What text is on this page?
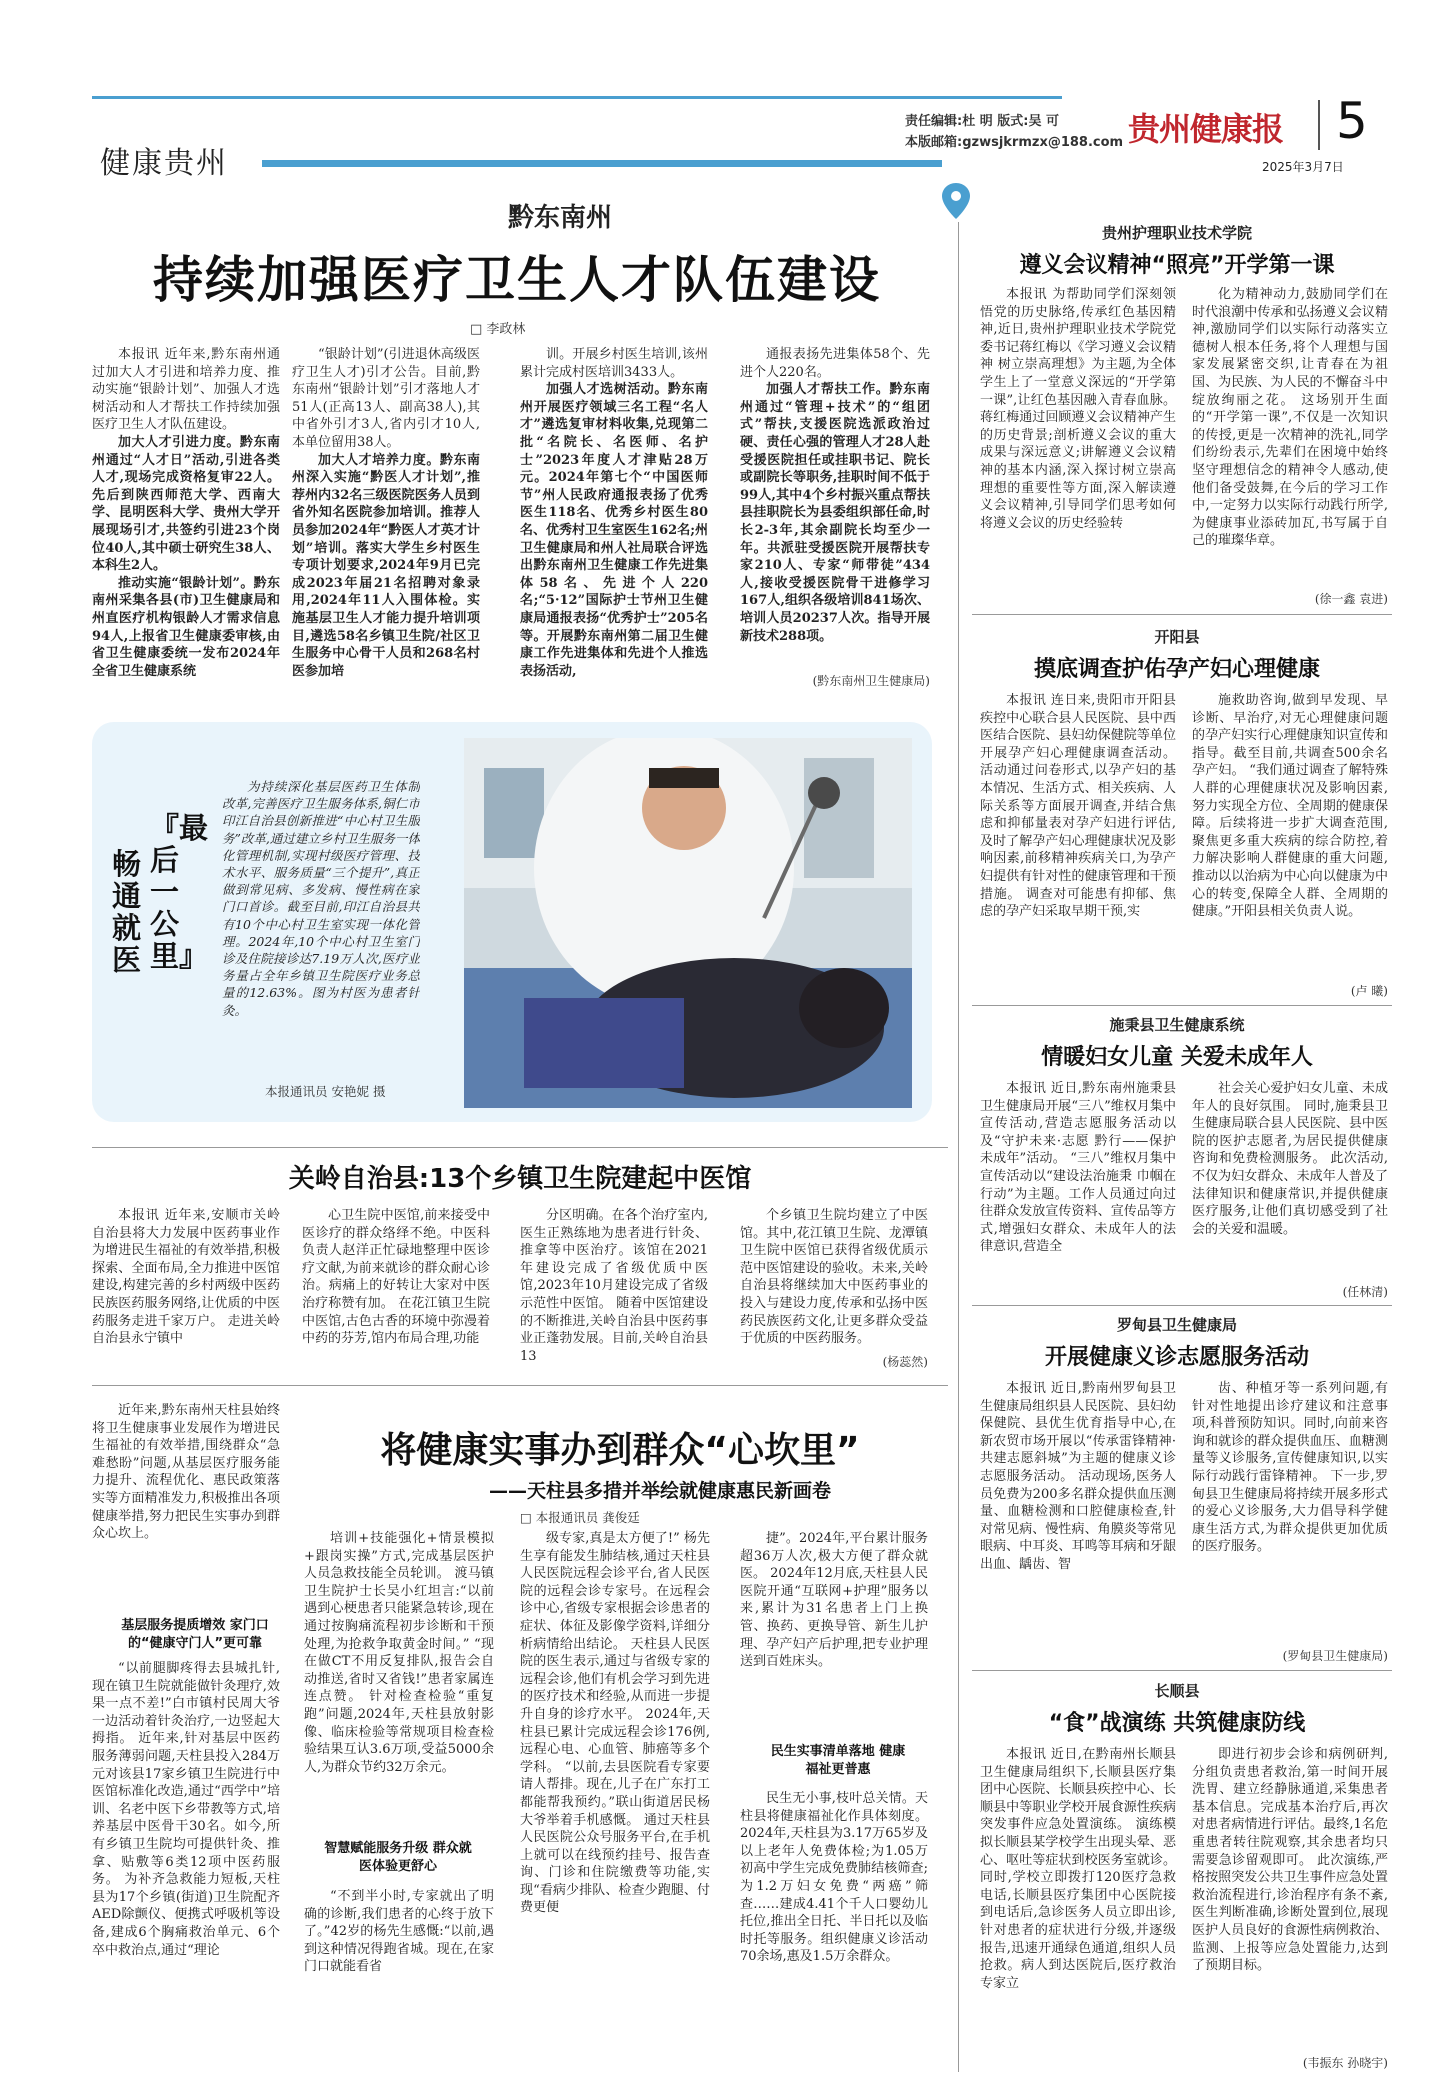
责任编辑:杜 明 版式:吴 可
本版邮箱:gzwsjkrmzx@188.com 贵州健康报 5
2025年3月7日
健康贵州
黔东南州
持续加强医疗卫生人才队伍建设
□ 李政林

本报讯 近年来,黔东南州通过加大人才引进和培养力度、推动实施“银龄计划”、加强人才选树活动和人才帮扶工作持续加强医疗卫生人才队伍建设。

加大人才引进力度。黔东南州通过“人才日”活动,引进各类人才,现场完成资格复审22人。先后到陕西师范大学、西南大学、昆明医科大学、贵州大学开展现场引才,共签约引进23个岗位40人,其中硕士研究生38人、本科生2人。

推动实施“银龄计划”。黔东南州采集各县(市)卫生健康局和州直医疗机构银龄人才需求信息94人,上报省卫生健康委审核,由省卫生健康委统一发布2024年全省卫生健康系统

“银龄计划”(引进退休高级医疗卫生人才)引才公告。目前,黔东南州“银龄计划”引才落地人才51人(正高13人、副高38人),其中省外引才3人,省内引才10人,本单位留用38人。

加大人才培养力度。黔东南州深入实施“黔医人才计划”,推荐州内32名三级医院医务人员到省外知名医院参加培训。推荐人员参加2024年“黔医人才英才计划”培训。落实大学生乡村医生专项计划要求,2024年9月已完成2023年届21名招聘对象录用,2024年11人入围体检。实施基层卫生人才能力提升培训项目,遴选58名乡镇卫生院/社区卫生服务中心骨干人员和268名村医参加培

训。开展乡村医生培训,该州累计完成村医培训3433人。

加强人才选树活动。黔东南州开展医疗领域三名工程“名人才”遴选复审材料收集,兑现第二批“名院长、名医师、名护士”2023年度人才津贴28万元。2024年第七个“中国医师节”州人民政府通报表扬了优秀医生118名、优秀乡村医生80名、优秀村卫生室医生162名;州卫生健康局和州人社局联合评选出黔东南州卫生健康工作先进集体58名、先进个人220名;“5·12”国际护士节州卫生健康局通报表扬“优秀护士”205名等。开展黔东南州第二届卫生健康工作先进集体和先进个人推选表扬活动,

通报表扬先进集体58个、先进个人220名。

加强人才帮扶工作。黔东南州通过“管理+技术”的“组团式”帮扶,支援医院选派政治过硬、责任心强的管理人才28人赴受援医院担任或挂职书记、院长或副院长等职务,挂职时间不低于99人,其中4个乡村振兴重点帮扶县挂职院长为县委组织部任命,时长2-3年,其余副院长均至少一年。共派驻受援医院开展帮扶专家210人、专家“师带徒”434人,接收受援医院骨干进修学习167人,组织各级培训841场次、培训人员20237人次。指导开展新技术288项。

(黔东南州卫生健康局)
『最后一公里』
畅通就医

为持续深化基层医药卫生体制改革,完善医疗卫生服务体系,铜仁市印江自治县创新推进“中心村卫生服务”改革,通过建立乡村卫生服务一体化管理机制,实现村级医疗管理、技术水平、服务质量“三个提升”,真正做到常见病、多发病、慢性病在家门口首诊。截至目前,印江自治县共有10个中心村卫生室实现一体化管理。2024年,10个中心村卫生室门诊及住院接诊达7.19万人次,医疗业务量占全年乡镇卫生院医疗业务总量的12.63%。图为村医为患者针灸。

本报通讯员 安艳妮 摄
关岭自治县:13个乡镇卫生院建起中医馆

本报讯 近年来,安顺市关岭自治县将大力发展中医药事业作为增进民生福祉的有效举措,积极探索、全面布局,全力推进中医馆建设,构建完善的乡村两级中医药民族医药服务网络,让优质的中医药服务走进千家万户。 走进关岭自治县永宁镇中

心卫生院中医馆,前来接受中医诊疗的群众络绎不绝。中医科负责人赵洋正忙碌地整理中医诊疗文献,为前来就诊的群众耐心诊治。病痛上的好转让大家对中医治疗称赞有加。 在花江镇卫生院中医馆,古色古香的环境中弥漫着中药的芬芳,馆内布局合理,功能

分区明确。在各个治疗室内,医生正熟练地为患者进行针灸、推拿等中医治疗。该馆在2021年建设完成了省级优质中医馆,2023年10月建设完成了省级示范性中医馆。 随着中医馆建设的不断推进,关岭自治县中医药事业正蓬勃发展。目前,关岭自治县13

个乡镇卫生院均建立了中医馆。其中,花江镇卫生院、龙潭镇卫生院中医馆已获得省级优质示范中医馆建设的验收。未来,关岭自治县将继续加大中医药事业的投入与建设力度,传承和弘扬中医药民族医药文化,让更多群众受益于优质的中医药服务。

(杨蕊然)

近年来,黔东南州天柱县始终将卫生健康事业发展作为增进民生福祉的有效举措,围绕群众“急难愁盼”问题,从基层医疗服务能力提升、流程优化、惠民政策落实等方面精准发力,积极推出各项健康举措,努力把民生实事办到群众心坎上。

将健康实事办到群众“心坎里”
——天柱县多措并举绘就健康惠民新画卷
□ 本报通讯员 龚俊廷
基层服务提质增效 家门口的“健康守门人”更可靠

“以前腿脚疼得去县城扎针,现在镇卫生院就能做针灸理疗,效果一点不差!”白市镇村民周大爷一边活动着针灸治疗,一边竖起大拇指。 近年来,针对基层中医药服务薄弱问题,天柱县投入284万元对该县17家乡镇卫生院进行中医馆标准化改造,通过“西学中”培训、名老中医下乡带教等方式,培养基层中医骨干30名。如今,所有乡镇卫生院均可提供针灸、推拿、贴敷等6类12项中医药服务。 为补齐急救能力短板,天柱县为17个乡镇(街道)卫生院配齐AED除颤仪、便携式呼吸机等设备,建成6个胸痛救治单元、6个卒中救治点,通过“理论

培训+技能强化+情景模拟+跟岗实操”方式,完成基层医护人员急救技能全员轮训。 渡马镇卫生院护士长吴小红坦言:“以前遇到心梗患者只能紧急转诊,现在通过按胸痛流程初步诊断和干预处理,为抢救争取黄金时间。” “现在做CT不用反复排队,报告会自动推送,省时又省钱!”患者家属连连点赞。 针对检查检验“重复跑”问题,2024年,天柱县放射影像、临床检验等常规项目检查检验结果互认3.6万项,受益5000余人,为群众节约32万余元。

智慧赋能服务升级 群众就医体验更舒心

“不到半小时,专家就出了明确的诊断,我们患者的心终于放下了。”42岁的杨先生感慨:“以前,遇到这种情况得跑省城。现在,在家门口就能看省

级专家,真是太方便了!” 杨先生享有能发生肺结核,通过天柱县人民医院远程会诊平台,省人民医院的远程会诊专家号。在远程会诊中心,省级专家根据会诊患者的症状、体征及影像学资料,详细分析病情给出结论。 天柱县人民医院的医生表示,通过与省级专家的远程会诊,他们有机会学习到先进的医疗技术和经验,从而进一步提升自身的诊疗水平。 2024年,天柱县已累计完成远程会诊176例,远程心电、心血管、肺癌等多个学科。 “以前,去县医院看专家要请人帮排。现在,儿子在广东打工都能帮我预约。”联山街道居民杨大爷举着手机感慨。 通过天柱县人民医院公众号服务平台,在手机上就可以在线预约挂号、报告查询、门诊和住院缴费等功能,实现“看病少排队、检查少跑腿、付费更便

捷”。2024年,平台累计服务超36万人次,极大方便了群众就医。 2024年12月底,天柱县人民医院开通“互联网+护理”服务以来,累计为31名患者上门上换管、换药、更换导管、新生儿护理、孕产妇产后护理,把专业护理送到百姓床头。

民生实事清单落地 健康福祉更普惠

民生无小事,枝叶总关情。天柱县将健康福祉化作具体刻度。 2024年,天柱县为3.17万65岁及以上老年人免费体检;为1.05万初高中学生完成免费肺结核筛查;为1.2万妇女免费“两癌”筛查……建成4.41个千人口婴幼儿托位,推出全日托、半日托以及临时托等服务。组织健康义诊活动70余场,惠及1.5万余群众。

贵州护理职业技术学院
遵义会议精神“照亮”开学第一课

本报讯 为帮助同学们深刻领悟党的历史脉络,传承红色基因精神,近日,贵州护理职业技术学院党委书记蒋红梅以《学习遵义会议精神 树立崇高理想》为主题,为全体学生上了一堂意义深远的“开学第一课”,让红色基因融入青春血脉。 蒋红梅通过回顾遵义会议精神产生的历史背景;剖析遵义会议的重大成果与深远意义;讲解遵义会议精神的基本内涵,深入探讨树立崇高理想的重要性等方面,深入解读遵义会议精神,引导同学们思考如何将遵义会议的历史经验转

化为精神动力,鼓励同学们在时代浪潮中传承和弘扬遵义会议精神,激励同学们以实际行动落实立德树人根本任务,将个人理想与国家发展紧密交织,让青春在为祖国、为民族、为人民的不懈奋斗中绽放绚丽之花。 这场别开生面的“开学第一课”,不仅是一次知识的传授,更是一次精神的洗礼,同学们纷纷表示,先辈们在困境中始终坚守理想信念的精神令人感动,使他们备受鼓舞,在今后的学习工作中,一定努力以实际行动践行所学,为健康事业添砖加瓦,书写属于自己的璀璨华章。

(徐一鑫 袁进)
开阳县
摸底调查护佑孕产妇心理健康

本报讯 连日来,贵阳市开阳县疾控中心联合县人民医院、县中西医结合医院、县妇幼保健院等单位开展孕产妇心理健康调查活动。 活动通过问卷形式,以孕产妇的基本情况、生活方式、相关疾病、人际关系等方面展开调查,并结合焦虑和抑郁量表对孕产妇进行评估,及时了解孕产妇心理健康状况及影响因素,前移精神疾病关口,为孕产妇提供有针对性的健康管理和干预措施。 调查对可能患有抑郁、焦虑的孕产妇采取早期干预,实

施救助咨询,做到早发现、早诊断、早治疗,对无心理健康问题的孕产妇实行心理健康知识宣传和指导。截至目前,共调查500余名孕产妇。 “我们通过调查了解特殊人群的心理健康状况及影响因素,努力实现全方位、全周期的健康保障。后续将进一步扩大调查范围,聚焦更多重大疾病的综合防控,着力解决影响人群健康的重大问题,推动以以治病为中心向以健康为中心的转变,保障全人群、全周期的健康。”开阳县相关负责人说。

(卢 曦)
施秉县卫生健康系统
情暖妇女儿童 关爱未成年人

本报讯 近日,黔东南州施秉县卫生健康局开展“三八”维权月集中宣传活动,营造志愿服务活动以及“守护未来·志愿 黔行——保护未成年”活动。 “三八”维权月集中宣传活动以“建设法治施秉 巾帼在行动”为主题。工作人员通过向过往群众发放宣传资料、宣传品等方式,增强妇女群众、未成年人的法律意识,营造全

社会关心爱护妇女儿童、未成年人的良好氛围。 同时,施秉县卫生健康局联合县人民医院、县中医院的医护志愿者,为居民提供健康咨询和免费检测服务。 此次活动,不仅为妇女群众、未成年人普及了法律知识和健康常识,并提供健康医疗服务,让他们真切感受到了社会的关爱和温暖。

(任林清)
罗甸县卫生健康局
开展健康义诊志愿服务活动

本报讯 近日,黔南州罗甸县卫生健康局组织县人民医院、县妇幼保健院、县优生优育指导中心,在新农贸市场开展以“传承雷锋精神·共建志愿斜城”为主题的健康义诊志愿服务活动。 活动现场,医务人员免费为200多名群众提供血压测量、血糖检测和口腔健康检查,针对常见病、慢性病、角膜炎等常见眼病、中耳炎、耳鸣等耳病和牙龈出血、龋齿、智

齿、种植牙等一系列问题,有针对性地提出诊疗建议和注意事项,科普预防知识。同时,向前来咨询和就诊的群众提供血压、血糖测量等义诊服务,宣传健康知识,以实际行动践行雷锋精神。 下一步,罗甸县卫生健康局将持续开展多形式的爱心义诊服务,大力倡导科学健康生活方式,为群众提供更加优质的医疗服务。

(罗甸县卫生健康局)
长顺县
“食”战演练 共筑健康防线

本报讯 近日,在黔南州长顺县卫生健康局组织下,长顺县医疗集团中心医院、长顺县疾控中心、长顺县中等职业学校开展食源性疾病突发事件应急处置演练。 演练模拟长顺县某学校学生出现头晕、恶心、呕吐等症状到校医务室就诊。同时,学校立即拨打120医疗急救电话,长顺县医疗集团中心医院接到电话后,急诊医务人员立即出诊,针对患者的症状进行分级,并逐级报告,迅速开通绿色通道,组织人员抢救。病人到达医院后,医疗救治专家立

即进行初步会诊和病例研判,分组负责患者救治,第一时间开展洗胃、建立经静脉通道,采集患者基本信息。完成基本治疗后,再次对患者病情进行评估。最终,1名危重患者转往院观察,其余患者均只需要急诊留观即可。 此次演练,严格按照突发公共卫生事件应急处置救治流程进行,诊治程序有条不紊,医生判断准确,诊断处置到位,展现医护人员良好的食源性病例救治、监测、上报等应急处置能力,达到了预期目标。

(韦振东 孙晓宇)
